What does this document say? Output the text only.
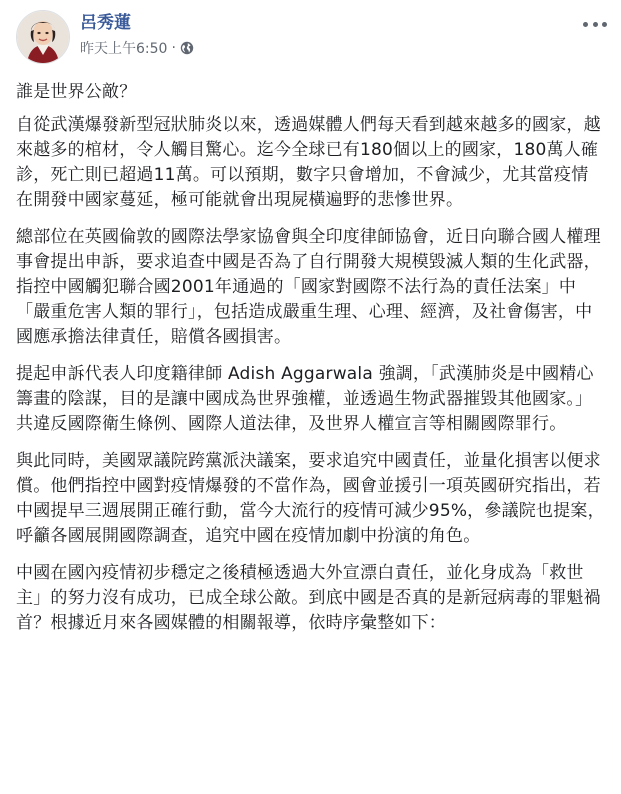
呂秀蓮
昨天上午6:50 ·

誰是世界公敵？

自從武漢爆發新型冠狀肺炎以來，透過媒體人們每天看到越來越多的國家，越來越多的棺材，令人觸目驚心。迄今全球已有180個以上的國家，180萬人確診，死亡則已超過11萬。可以預期，數字只會增加，不會減少，尤其當疫情在開發中國家蔓延，極可能就會出現屍橫遍野的悲慘世界。

總部位在英國倫敦的國際法學家協會與全印度律師協會，近日向聯合國人權理事會提出申訴，要求追查中國是否為了自行開發大規模毀滅人類的生化武器，指控中國觸犯聯合國2001年通過的「國家對國際不法行為的責任法案」中「嚴重危害人類的罪行」，包括造成嚴重生理、心理、經濟，及社會傷害，中國應承擔法律責任，賠償各國損害。

提起申訴代表人印度籍律師 Adish Aggarwala 強調，「武漢肺炎是中國精心籌畫的陰謀，目的是讓中國成為世界強權，並透過生物武器摧毀其他國家。」共違反國際衛生條例、國際人道法律，及世界人權宣言等相關國際罪行。

與此同時，美國眾議院跨黨派決議案，要求追究中國責任，並量化損害以便求償。他們指控中國對疫情爆發的不當作為，國會並援引一項英國研究指出，若中國提早三週展開正確行動，當今大流行的疫情可減少95%，參議院也提案，呼籲各國展開國際調查，追究中國在疫情加劇中扮演的角色。

中國在國內疫情初步穩定之後積極透過大外宣漂白責任，並化身成為「救世主」的努力沒有成功，已成全球公敵。到底中國是否真的是新冠病毒的罪魁禍首？根據近月來各國媒體的相關報導，依時序彙整如下：
